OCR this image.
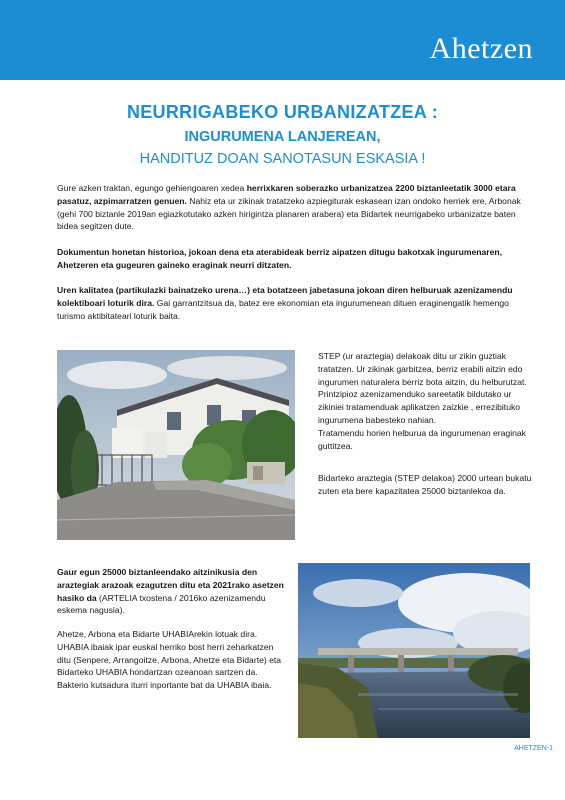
Ahetzen
NEURRIGABEKO URBANIZATZEA :
INGURUMENA LANJEREAN,
HANDITUZ DOAN SANOTASUN ESKASIA !

Gure azken traktan, egungo gehiengoaren xedea herrixkaren soberazko urbanizatzea 2200 biztanleetatik 3000 etara pasatuz, azpimarratzen genuen. Nahiz eta ur zikinak tratatzeko azpiegiturak eskasean izan ondoko herriek ere, Arbonak (gehi 700 biztanle 2019an egiazkotutako azken hirigintza planaren arabera) eta Bidartek neurrigabeko urbanizatze baten bidea segitzen dute.

Dokumentun honetan historioa, jokoan dena eta aterabideak berriz aipatzen ditugu bakotxak ingurumenaren, Ahetzeren eta gugeuren gaineko eraginak neurri ditzaten.

Uren kalitatea (partikulazki bainatzeko urena…) eta botatzeen jabetasuna jokoan diren helburuak azenizamendu kolektiboari loturik dira. Gai garrantzitsua da, batez ere ekonomian eta ingurumenean dituen eraginengatik hemengo turismo aktibitateari loturik baita.

STEP (ur araztegia) delakoak ditu ur zikin guztiak tratatzen. Ur zikinak garbitzea, berriz erabili aitzin edo ingurumen naturalera berriz bota aitzin, du helburutzat. Printzipioz azenizamenduko sareetatik bildutako ur zikiniei tratamenduak aplikatzen zaizkie , errezibituko ingurumena babesteko nahian.
Tratamendu horien helburua da ingurumenan eraginak guttitzea.

Bidarteko araztegia (STEP delakoa) 2000 urtean bukatu zuten eta bere kapazitatea 25000 biztanlekoa da.

Gaur egun 25000 biztanleendako aitzinikusia den araztegiak arazoak ezagutzen ditu eta 2021rako asetzen hasiko da (ARTELIA txostena / 2016ko azenizamendu eskema nagusia).
Ahetze, Arbona eta Bidarte UHABIArekin lotuak dira. UHABIA ibaiak ipar euskal herriko bost herri zeharkatzen ditu (Senpere, Arrangoitze, Arbona, Ahetze eta Bidarte) eta Bidarteko UHABIA hondartzan ozeanoan sartzen da.
Bakterio kutsadura iturri inportante bat da UHABIA ibaia.
AHETZEN-1
